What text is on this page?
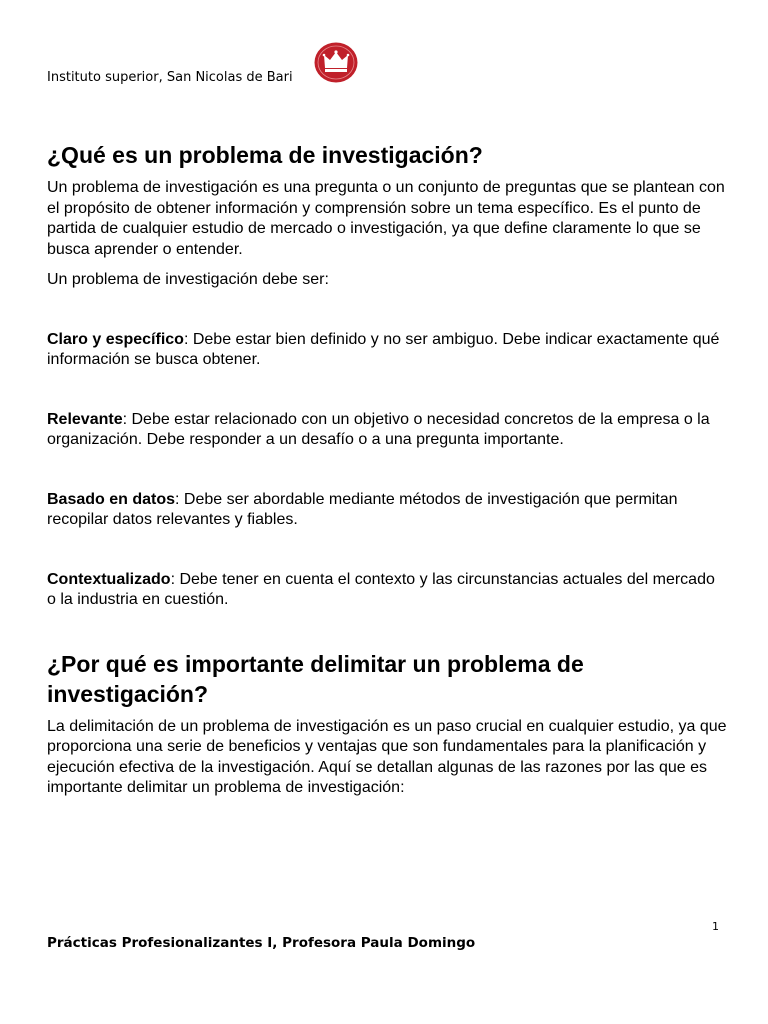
Instituto superior, San Nicolas de Bari
¿Qué es un problema de investigación?

Un problema de investigación es una pregunta o un conjunto de preguntas que se plantean con el propósito de obtener información y comprensión sobre un tema específico. Es el punto de partida de cualquier estudio de mercado o investigación, ya que define claramente lo que se busca aprender o entender.

Un problema de investigación debe ser:

Claro y específico: Debe estar bien definido y no ser ambiguo. Debe indicar exactamente qué información se busca obtener.

Relevante: Debe estar relacionado con un objetivo o necesidad concretos de la empresa o la organización. Debe responder a un desafío o a una pregunta importante.

Basado en datos: Debe ser abordable mediante métodos de investigación que permitan recopilar datos relevantes y fiables.

Contextualizado: Debe tener en cuenta el contexto y las circunstancias actuales del mercado o la industria en cuestión.

¿Por qué es importante delimitar un problema de investigación?

La delimitación de un problema de investigación es un paso crucial en cualquier estudio, ya que proporciona una serie de beneficios y ventajas que son fundamentales para la planificación y ejecución efectiva de la investigación. Aquí se detallan algunas de las razones por las que es importante delimitar un problema de investigación:

1
Prácticas Profesionalizantes I, Profesora Paula Domingo
